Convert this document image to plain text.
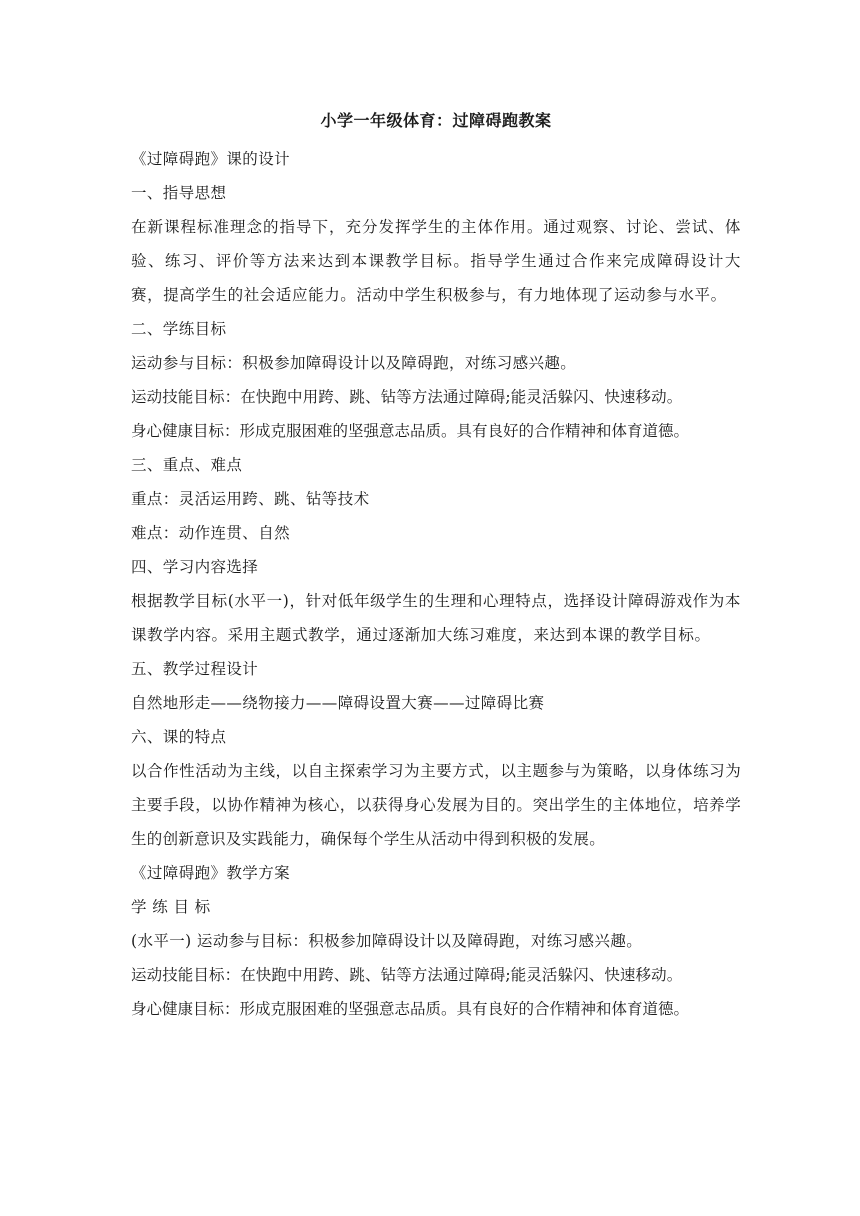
小学一年级体育：过障碍跑教案
《过障碍跑》课的设计
一、指导思想
在新课程标准理念的指导下，充分发挥学生的主体作用。通过观察、讨论、尝试、体验、练习、评价等方法来达到本课教学目标。指导学生通过合作来完成障碍设计大赛，提高学生的社会适应能力。活动中学生积极参与，有力地体现了运动参与水平。
二、学练目标
运动参与目标：积极参加障碍设计以及障碍跑，对练习感兴趣。
运动技能目标：在快跑中用跨、跳、钻等方法通过障碍;能灵活躲闪、快速移动。
身心健康目标：形成克服困难的坚强意志品质。具有良好的合作精神和体育道德。
三、重点、难点
重点：灵活运用跨、跳、钻等技术
难点：动作连贯、自然
四、学习内容选择
根据教学目标(水平一)，针对低年级学生的生理和心理特点，选择设计障碍游戏作为本课教学内容。采用主题式教学，通过逐渐加大练习难度，来达到本课的教学目标。
五、教学过程设计
自然地形走——绕物接力——障碍设置大赛——过障碍比赛
六、课的特点
以合作性活动为主线，以自主探索学习为主要方式，以主题参与为策略，以身体练习为主要手段，以协作精神为核心，以获得身心发展为目的。突出学生的主体地位，培养学生的创新意识及实践能力，确保每个学生从活动中得到积极的发展。
《过障碍跑》教学方案
学 练 目 标
(水平一) 运动参与目标：积极参加障碍设计以及障碍跑，对练习感兴趣。
运动技能目标：在快跑中用跨、跳、钻等方法通过障碍;能灵活躲闪、快速移动。
身心健康目标：形成克服困难的坚强意志品质。具有良好的合作精神和体育道德。
